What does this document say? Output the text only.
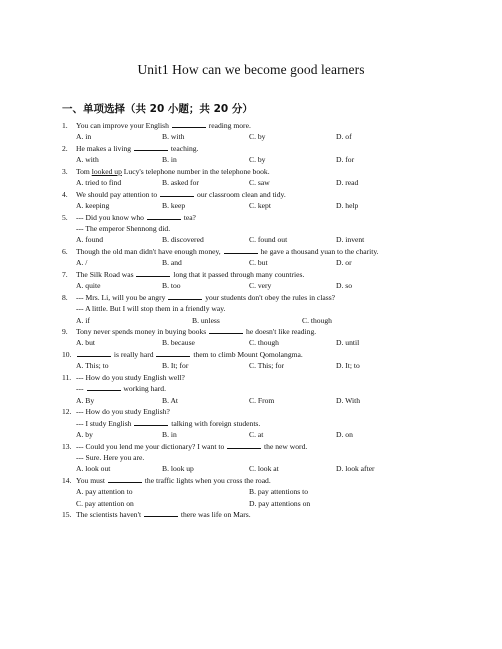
Unit1 How can we become good learners
一、单项选择（共 20 小题；共 20 分）
1. You can improve your English	reading more.
A. in	B. with	C. by	D. of
2. He makes a living	teaching.
A. with	B. in	C. by	D. for
3. Tom looked up Lucy's telephone number in the telephone book.
A. tried to find	B. asked for	C. saw	D. read
4. We should pay attention to	our classroom clean and tidy.
A. keeping	B. keep	C. kept	D. help
5. --- Did you know who	tea?
--- The emperor Shennong did.
A. found	B. discovered	C. found out	D. invent
6. Though the old man didn't have enough money,	he gave a thousand yuan to the charity.
A. /	B. and	C. but	D. or
7. The Silk Road was	long that it passed through many countries.
A. quite	B. too	C. very	D. so
8. --- Mrs. Li, will you be angry	your students don't obey the rules in class?
--- A little. But I will stop them in a friendly way.
A. if	B. unless	C. though
9. Tony never spends money in buying books	he doesn't like reading.
A. but	B. because	C. though	D. until
10.	is really hard	them to climb Mount Qomolangma.
A. This; to	B. It; for	C. This; for	D. It; to
11. --- How do you study English well?
---	working hard.
A. By	B. At	C. From	D. With
12. --- How do you study English?
--- I study English	talking with foreign students.
A. by	B. in	C. at	D. on
13. --- Could you lend me your dictionary? I want to	the new word.
--- Sure. Here you are.
A. look out	B. look up	C. look at	D. look after
14. You must	the traffic lights when you cross the road.
A. pay attention to	B. pay attentions to
C. pay attention on	D. pay attentions on
15. The scientists haven't	there was life on Mars.
